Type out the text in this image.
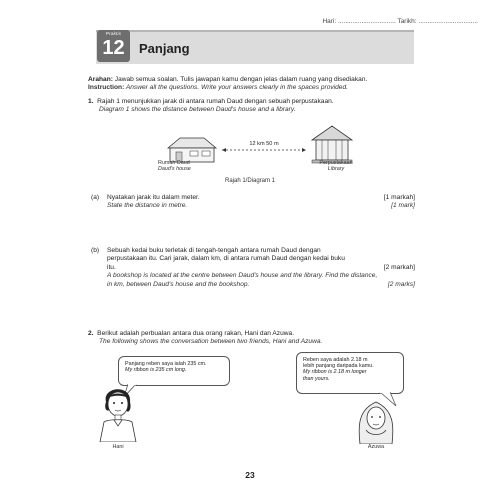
Hari: ................................ Tarikh: .................................
Praktis
12	Panjang
Arahan: Jawab semua soalan. Tulis jawapan kamu dengan jelas dalam ruang yang disediakan.
Instruction: Answer all the questions. Write your answers clearly in the spaces provided.
1. Rajah 1 menunjukkan jarak di antara rumah Daud dengan sebuah perpustakaan.
Diagram 1 shows the distance between Daud's house and a library.
12 km 50 m
Rumah Daud
Daud's house
Perpustakaan
Library
Rajah 1/Diagram 1
(a) Nyatakan jarak itu dalam meter.	[1 markah]
State the distance in metre.	[1 mark]
(b) Sebuah kedai buku terletak di tengah-tengah antara rumah Daud dengan
perpustakaan itu. Cari jarak, dalam km, di antara rumah Daud dengan kedai buku
itu.	[2 markah]
A bookshop is located at the centre between Daud's house and the library. Find the distance,
in km, between Daud's house and the bookshop.	[2 marks]
2. Berikut adalah perbualan antara dua orang rakan, Hani dan Azuwa.
The following shows the conversation between two friends, Hani and Azuwa.
Panjang reben saya ialah 235 cm.
My ribbon is 235 cm long.
Reben saya adalah 2.18 m
lebih panjang daripada kamu.
My ribbon is 2.18 m longer
than yours.
Hani	Azuwa
23
